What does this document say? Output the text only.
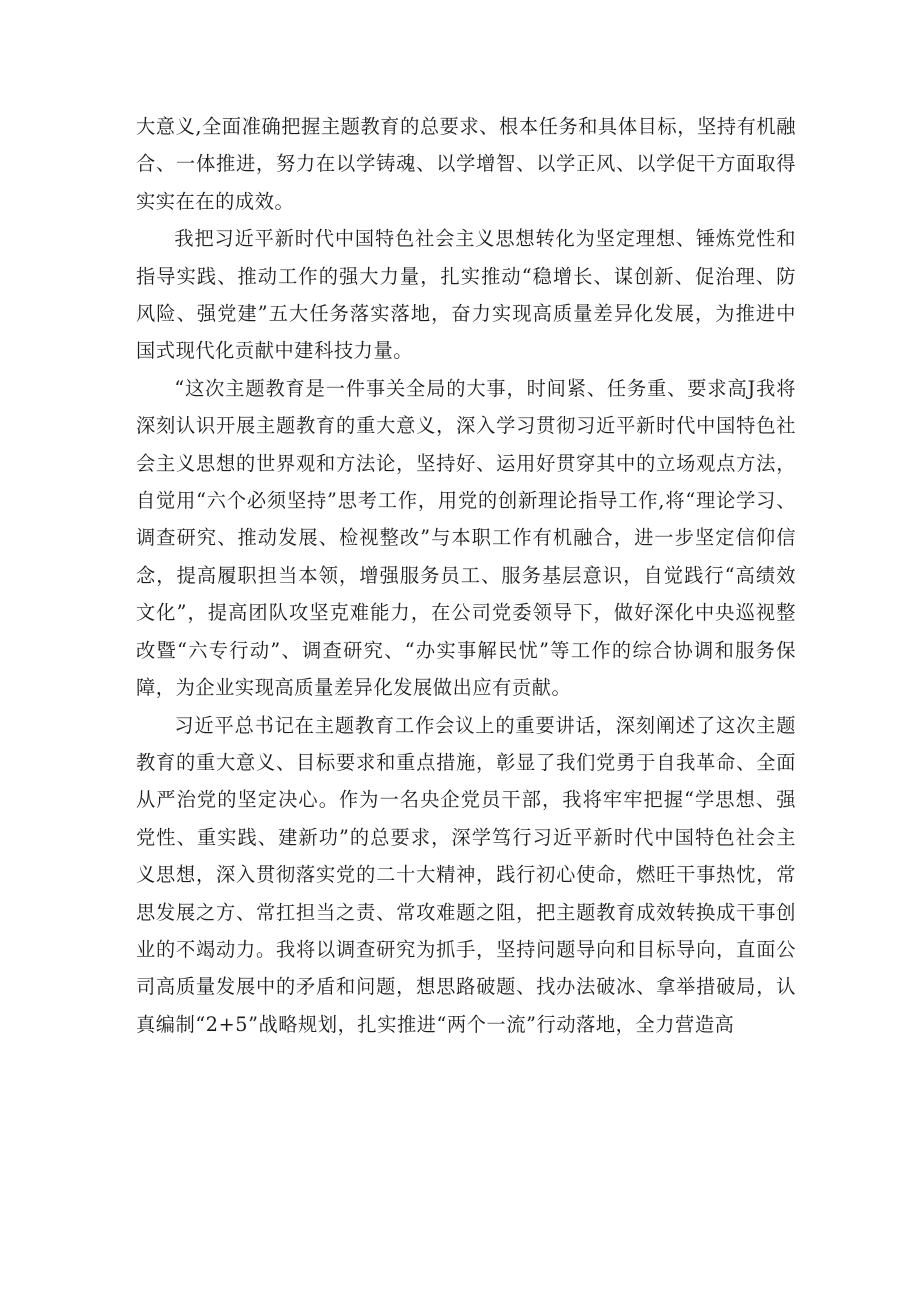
大意义,全面准确把握主题教育的总要求、根本任务和具体目标，坚持有机融合、一体推进，努力在以学铸魂、以学增智、以学正风、以学促干方面取得实实在在的成效。

我把习近平新时代中国特色社会主义思想转化为坚定理想、锤炼党性和指导实践、推动工作的强大力量，扎实推动“稳增长、谋创新、促治理、防风险、强党建”五大任务落实落地，奋力实现高质量差异化发展，为推进中国式现代化贡献中建科技力量。

“这次主题教育是一件事关全局的大事，时间紧、任务重、要求高J我将深刻认识开展主题教育的重大意义，深入学习贯彻习近平新时代中国特色社会主义思想的世界观和方法论，坚持好、运用好贯穿其中的立场观点方法，自觉用“六个必须坚持”思考工作，用党的创新理论指导工作,将“理论学习、调查研究、推动发展、检视整改”与本职工作有机融合，进一步坚定信仰信念，提高履职担当本领，增强服务员工、服务基层意识，自觉践行“高绩效文化”，提高团队攻坚克难能力，在公司党委领导下，做好深化中央巡视整改暨“六专行动”、调查研究、“办实事解民忧”等工作的综合协调和服务保障，为企业实现高质量差异化发展做出应有贡献。

习近平总书记在主题教育工作会议上的重要讲话，深刻阐述了这次主题教育的重大意义、目标要求和重点措施，彰显了我们党勇于自我革命、全面从严治党的坚定决心。作为一名央企党员干部，我将牢牢把握“学思想、强党性、重实践、建新功”的总要求，深学笃行习近平新时代中国特色社会主义思想，深入贯彻落实党的二十大精神，践行初心使命，燃旺干事热忱，常思发展之方、常扛担当之责、常攻难题之阻，把主题教育成效转换成干事创业的不竭动力。我将以调查研究为抓手，坚持问题导向和目标导向，直面公司高质量发展中的矛盾和问题，想思路破题、找办法破冰、拿举措破局，认真编制“2+5”战略规划，扎实推进“两个一流”行动落地，全力营造高
